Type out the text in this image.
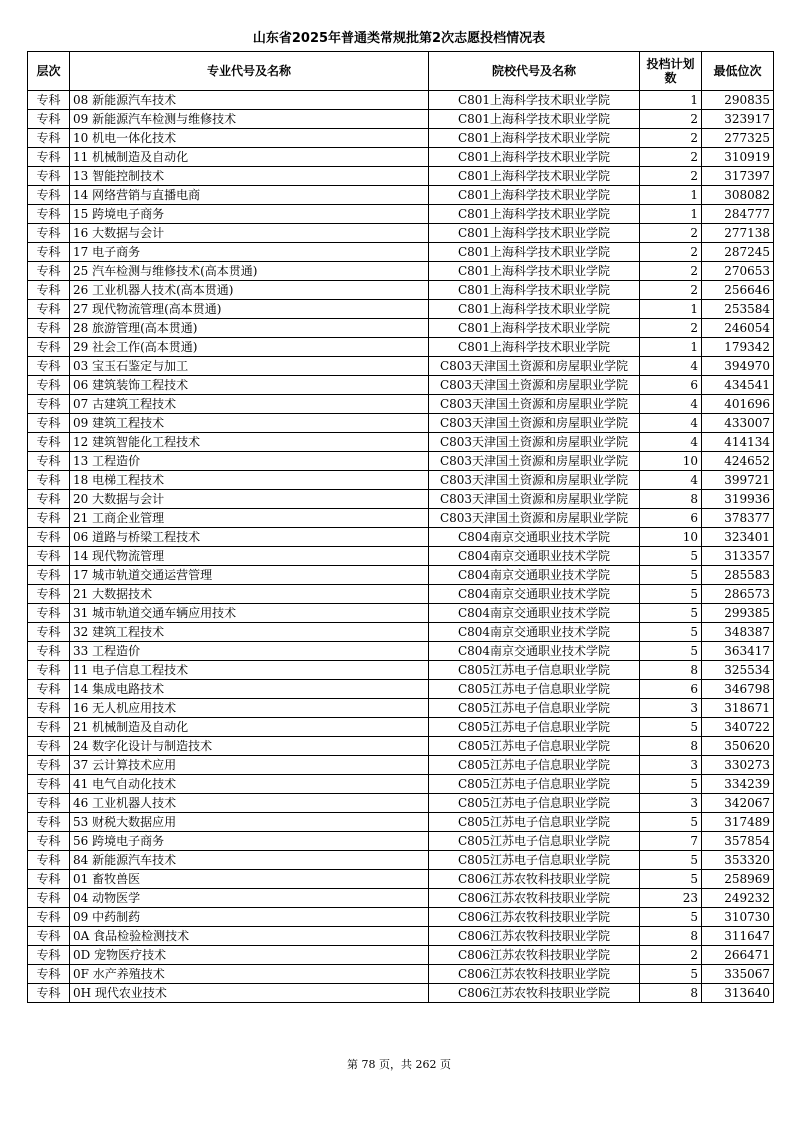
山东省2025年普通类常规批第2次志愿投档情况表
层次	专业代号及名称	院校代号及名称	投档计划数	最低位次
专科	08 新能源汽车技术	C801上海科学技术职业学院	1	290835
专科	09 新能源汽车检测与维修技术	C801上海科学技术职业学院	2	323917
专科	10 机电一体化技术	C801上海科学技术职业学院	2	277325
专科	11 机械制造及自动化	C801上海科学技术职业学院	2	310919
专科	13 智能控制技术	C801上海科学技术职业学院	2	317397
专科	14 网络营销与直播电商	C801上海科学技术职业学院	1	308082
专科	15 跨境电子商务	C801上海科学技术职业学院	1	284777
专科	16 大数据与会计	C801上海科学技术职业学院	2	277138
专科	17 电子商务	C801上海科学技术职业学院	2	287245
专科	25 汽车检测与维修技术(高本贯通)	C801上海科学技术职业学院	2	270653
专科	26 工业机器人技术(高本贯通)	C801上海科学技术职业学院	2	256646
专科	27 现代物流管理(高本贯通)	C801上海科学技术职业学院	1	253584
专科	28 旅游管理(高本贯通)	C801上海科学技术职业学院	2	246054
专科	29 社会工作(高本贯通)	C801上海科学技术职业学院	1	179342
专科	03 宝玉石鉴定与加工	C803天津国土资源和房屋职业学院	4	394970
专科	06 建筑装饰工程技术	C803天津国土资源和房屋职业学院	6	434541
专科	07 古建筑工程技术	C803天津国土资源和房屋职业学院	4	401696
专科	09 建筑工程技术	C803天津国土资源和房屋职业学院	4	433007
专科	12 建筑智能化工程技术	C803天津国土资源和房屋职业学院	4	414134
专科	13 工程造价	C803天津国土资源和房屋职业学院	10	424652
专科	18 电梯工程技术	C803天津国土资源和房屋职业学院	4	399721
专科	20 大数据与会计	C803天津国土资源和房屋职业学院	8	319936
专科	21 工商企业管理	C803天津国土资源和房屋职业学院	6	378377
专科	06 道路与桥梁工程技术	C804南京交通职业技术学院	10	323401
专科	14 现代物流管理	C804南京交通职业技术学院	5	313357
专科	17 城市轨道交通运营管理	C804南京交通职业技术学院	5	285583
专科	21 大数据技术	C804南京交通职业技术学院	5	286573
专科	31 城市轨道交通车辆应用技术	C804南京交通职业技术学院	5	299385
专科	32 建筑工程技术	C804南京交通职业技术学院	5	348387
专科	33 工程造价	C804南京交通职业技术学院	5	363417
专科	11 电子信息工程技术	C805江苏电子信息职业学院	8	325534
专科	14 集成电路技术	C805江苏电子信息职业学院	6	346798
专科	16 无人机应用技术	C805江苏电子信息职业学院	3	318671
专科	21 机械制造及自动化	C805江苏电子信息职业学院	5	340722
专科	24 数字化设计与制造技术	C805江苏电子信息职业学院	8	350620
专科	37 云计算技术应用	C805江苏电子信息职业学院	3	330273
专科	41 电气自动化技术	C805江苏电子信息职业学院	5	334239
专科	46 工业机器人技术	C805江苏电子信息职业学院	3	342067
专科	53 财税大数据应用	C805江苏电子信息职业学院	5	317489
专科	56 跨境电子商务	C805江苏电子信息职业学院	7	357854
专科	84 新能源汽车技术	C805江苏电子信息职业学院	5	353320
专科	01 畜牧兽医	C806江苏农牧科技职业学院	5	258969
专科	04 动物医学	C806江苏农牧科技职业学院	23	249232
专科	09 中药制药	C806江苏农牧科技职业学院	5	310730
专科	0A 食品检验检测技术	C806江苏农牧科技职业学院	8	311647
专科	0D 宠物医疗技术	C806江苏农牧科技职业学院	2	266471
专科	0F 水产养殖技术	C806江苏农牧科技职业学院	5	335067
专科	0H 现代农业技术	C806江苏农牧科技职业学院	8	313640
第 78 页，共 262 页
